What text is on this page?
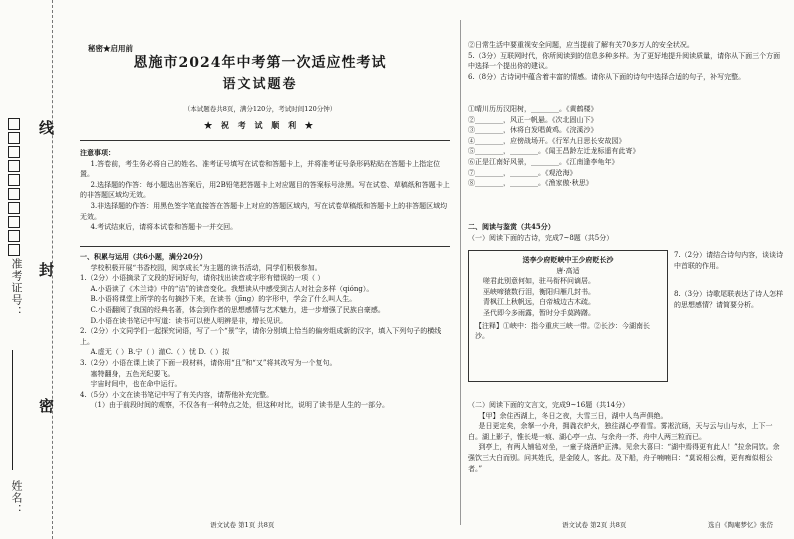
准考证号：
姓名：
线
封
密
秘密★启用前
恩施市2024年中考第一次适应性考试
语文试题卷
（本试题卷共8页，满分120分，考试时间120分钟）
★ 祝 考 试 顺 利 ★

注意事项：

1.答卷前，考生务必将自己的姓名、准考证号填写在试卷和答题卡上，并将准考证号条形码粘贴在答题卡上指定位置。

2.选择题的作答：每小题选出答案后，用2B铅笔把答题卡上对应题目的答案标号涂黑。写在试卷、草稿纸和答题卡上的非答题区域均无效。

3.非选择题的作答：用黑色签字笔直接答在答题卡上对应的答题区域内，写在试卷草稿纸和答题卡上的非答题区域均无效。

4.考试结束后，请将本试卷和答题卡一并交回。

一、积累与运用（共6小题，满分20分）

学校积极开展“书香校园，阅享成长”为主题的读书活动，同学们积极参加。

1.（2分）小语摘录了文段的好词好句，请你找出读音或字形有错误的一项（ ）

A.小语读了《木兰诗》中的“诘”的读音变化。我想读从中感受到古人对社会多样（qióng）。

B.小语将课堂上所学的名句摘抄下来，在读书（jīng）的字形中，学会了什么叫人生。

C.小语翻阅了我国的经典名著，体会到作者的思想感情与艺术魅力，进一步增强了民族自豪感。

D.小语在读书笔记中写道：读书可以使人明辨是非，增长见识。

2.（2分）小文同学们一起探究词语，写了一个“景”字，请你分别填上恰当的偏旁组成新的汉字，填入下列句子的横线上。

A.虚无（ ）B.宁（ ）澈C.（ ）忧 D.（ ）拟

3.（2分）小语在课上读了下面一段材料，请你用“且”和“又”将其改写为一个复句。

塞特翻身，五色光纪要飞。

宇宙时间中，也在命中运行。

4.（5分）小文在读书笔记中写了有关内容，请帮他补充完整。

（1）由于前段时间的观察，不仅各有一种特点之处，但这种对比，说明了读书是人生的一部分。

语文试卷 第1页 共8页

②日常生活中要重视安全问题，应当提前了解有关70多万人的安全状况。

5.（3分）互联网时代，你所阅读到的信息多种多样。为了更好地提升阅读质量，请你从下面三个方面中选择一个提出你的建议。

6.（8分）古诗词中蕴含着丰富的情感。请你从下面的诗句中选择合适的句子，补写完整。

①晴川历历汉阳树，________。《黄鹤楼》

②________，风正一帆悬。《次北固山下》

③________，休将白发唱黄鸡。《浣溪沙》

④________，应傍战场开。《行军九日思长安故园》

⑤________，________。《闻王昌龄左迁龙标遥有此寄》

⑥正是江南好风景，________。《江南逢李龟年》

⑦________，________。《观沧海》

⑧________，________。《渔家傲·秋思》

二、阅读与鉴赏（共45分）

（一）阅读下面的古诗，完成7~8题（共5分）

送李少府贬峡中王少府贬长沙

唐·高适

嗟君此别意何如，驻马衔杯问谪居。

巫峡啼猿数行泪，衡阳归雁几封书。

青枫江上秋帆远，白帝城边古木疏。

圣代即今多雨露，暂时分手莫踌躇。

【注释】①峡中：指今重庆三峡一带。②长沙：今湖南长沙。

7.（2分）请结合诗句内容，谈谈诗中首联的作用。

8.（3分）诗歌尾联表达了诗人怎样的思想感情？请简要分析。

（二）阅读下面的文言文，完成9~16题（共14分）

【甲】余住西湖上，冬日之夜，大雪三日，湖中人鸟声俱绝。

是日更定矣，余拏一小舟，拥毳衣炉火，独往湖心亭看雪。雾凇沆砀，天与云与山与水，上下一白。湖上影子，惟长堤一痕、湖心亭一点、与余舟一芥、舟中人两三粒而已。

到亭上，有两人铺毡对坐，一童子烧酒炉正沸。见余大喜曰：“湖中焉得更有此人！”拉余同饮。余强饮三大白而别。问其姓氏，是金陵人，客此。及下船，舟子喃喃曰：“莫说相公痴，更有痴似相公者。”

语文试卷 第2页 共8页	选自《陶庵梦忆》张岱
